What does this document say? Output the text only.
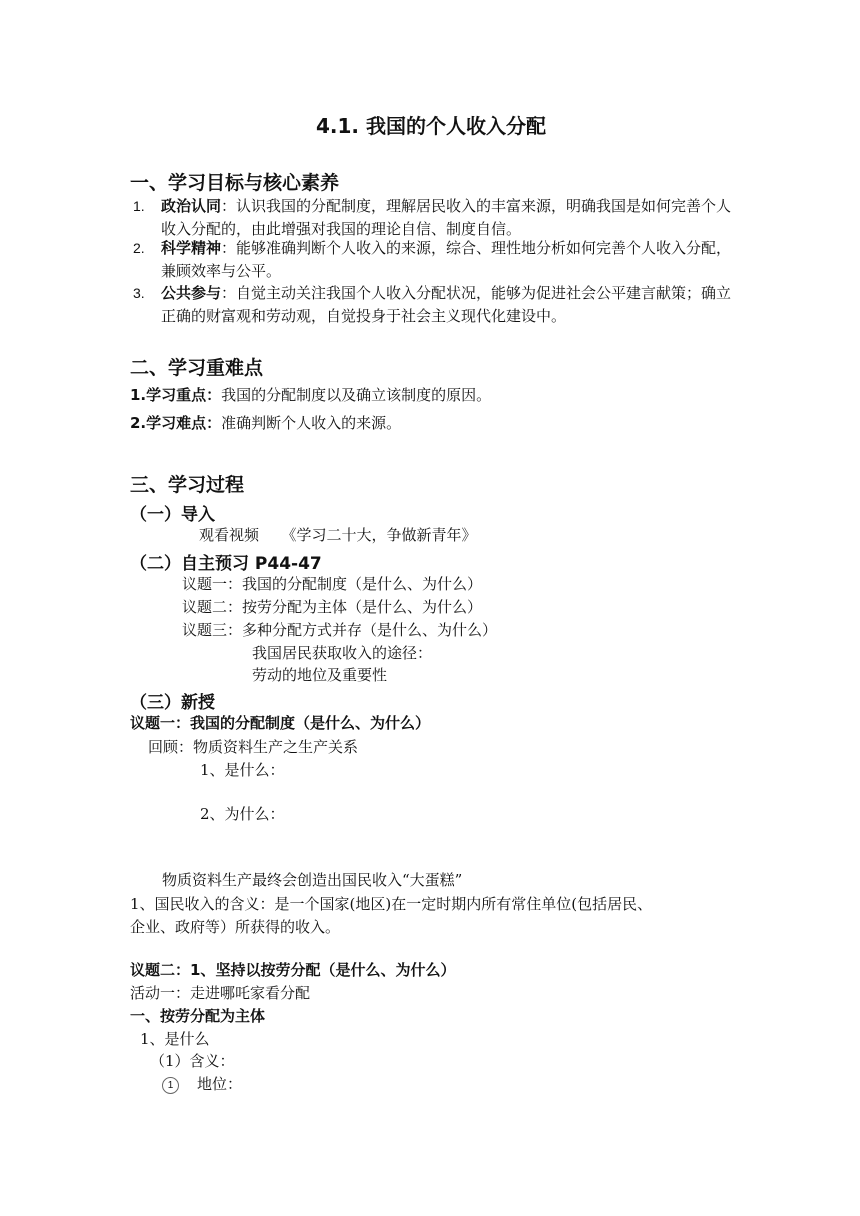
4.1. 我国的个人收入分配
一、学习目标与核心素养
1.	政治认同：认识我国的分配制度，理解居民收入的丰富来源，明确我国是如何完善个人收入分配的，由此增强对我国的理论自信、制度自信。
2.	科学精神：能够准确判断个人收入的来源，综合、理性地分析如何完善个人收入分配，兼顾效率与公平。
3.	公共参与：自觉主动关注我国个人收入分配状况，能够为促进社会公平建言献策；确立正确的财富观和劳动观，自觉投身于社会主义现代化建设中。
二、学习重难点
1.学习重点：我国的分配制度以及确立该制度的原因。
2.学习难点：准确判断个人收入的来源。
三、学习过程
（一）导入
观看视频　　《学习二十大，争做新青年》
（二）自主预习 P44-47
议题一：我国的分配制度（是什么、为什么）
议题二：按劳分配为主体（是什么、为什么）
议题三：多种分配方式并存（是什么、为什么）
我国居民获取收入的途径：
劳动的地位及重要性
（三）新授
议题一：我国的分配制度（是什么、为什么）
回顾：物质资料生产之生产关系
1、是什么：
2、为什么：
物质资料生产最终会创造出国民收入“大蛋糕”
1、国民收入的含义：是一个国家(地区)在一定时期内所有常住单位(包括居民、
企业、政府等）所获得的收入。
议题二：1、坚持以按劳分配（是什么、为什么）
活动一：走进哪吒家看分配
一、按劳分配为主体
1、是什么
（1）含义：
1 地位：
